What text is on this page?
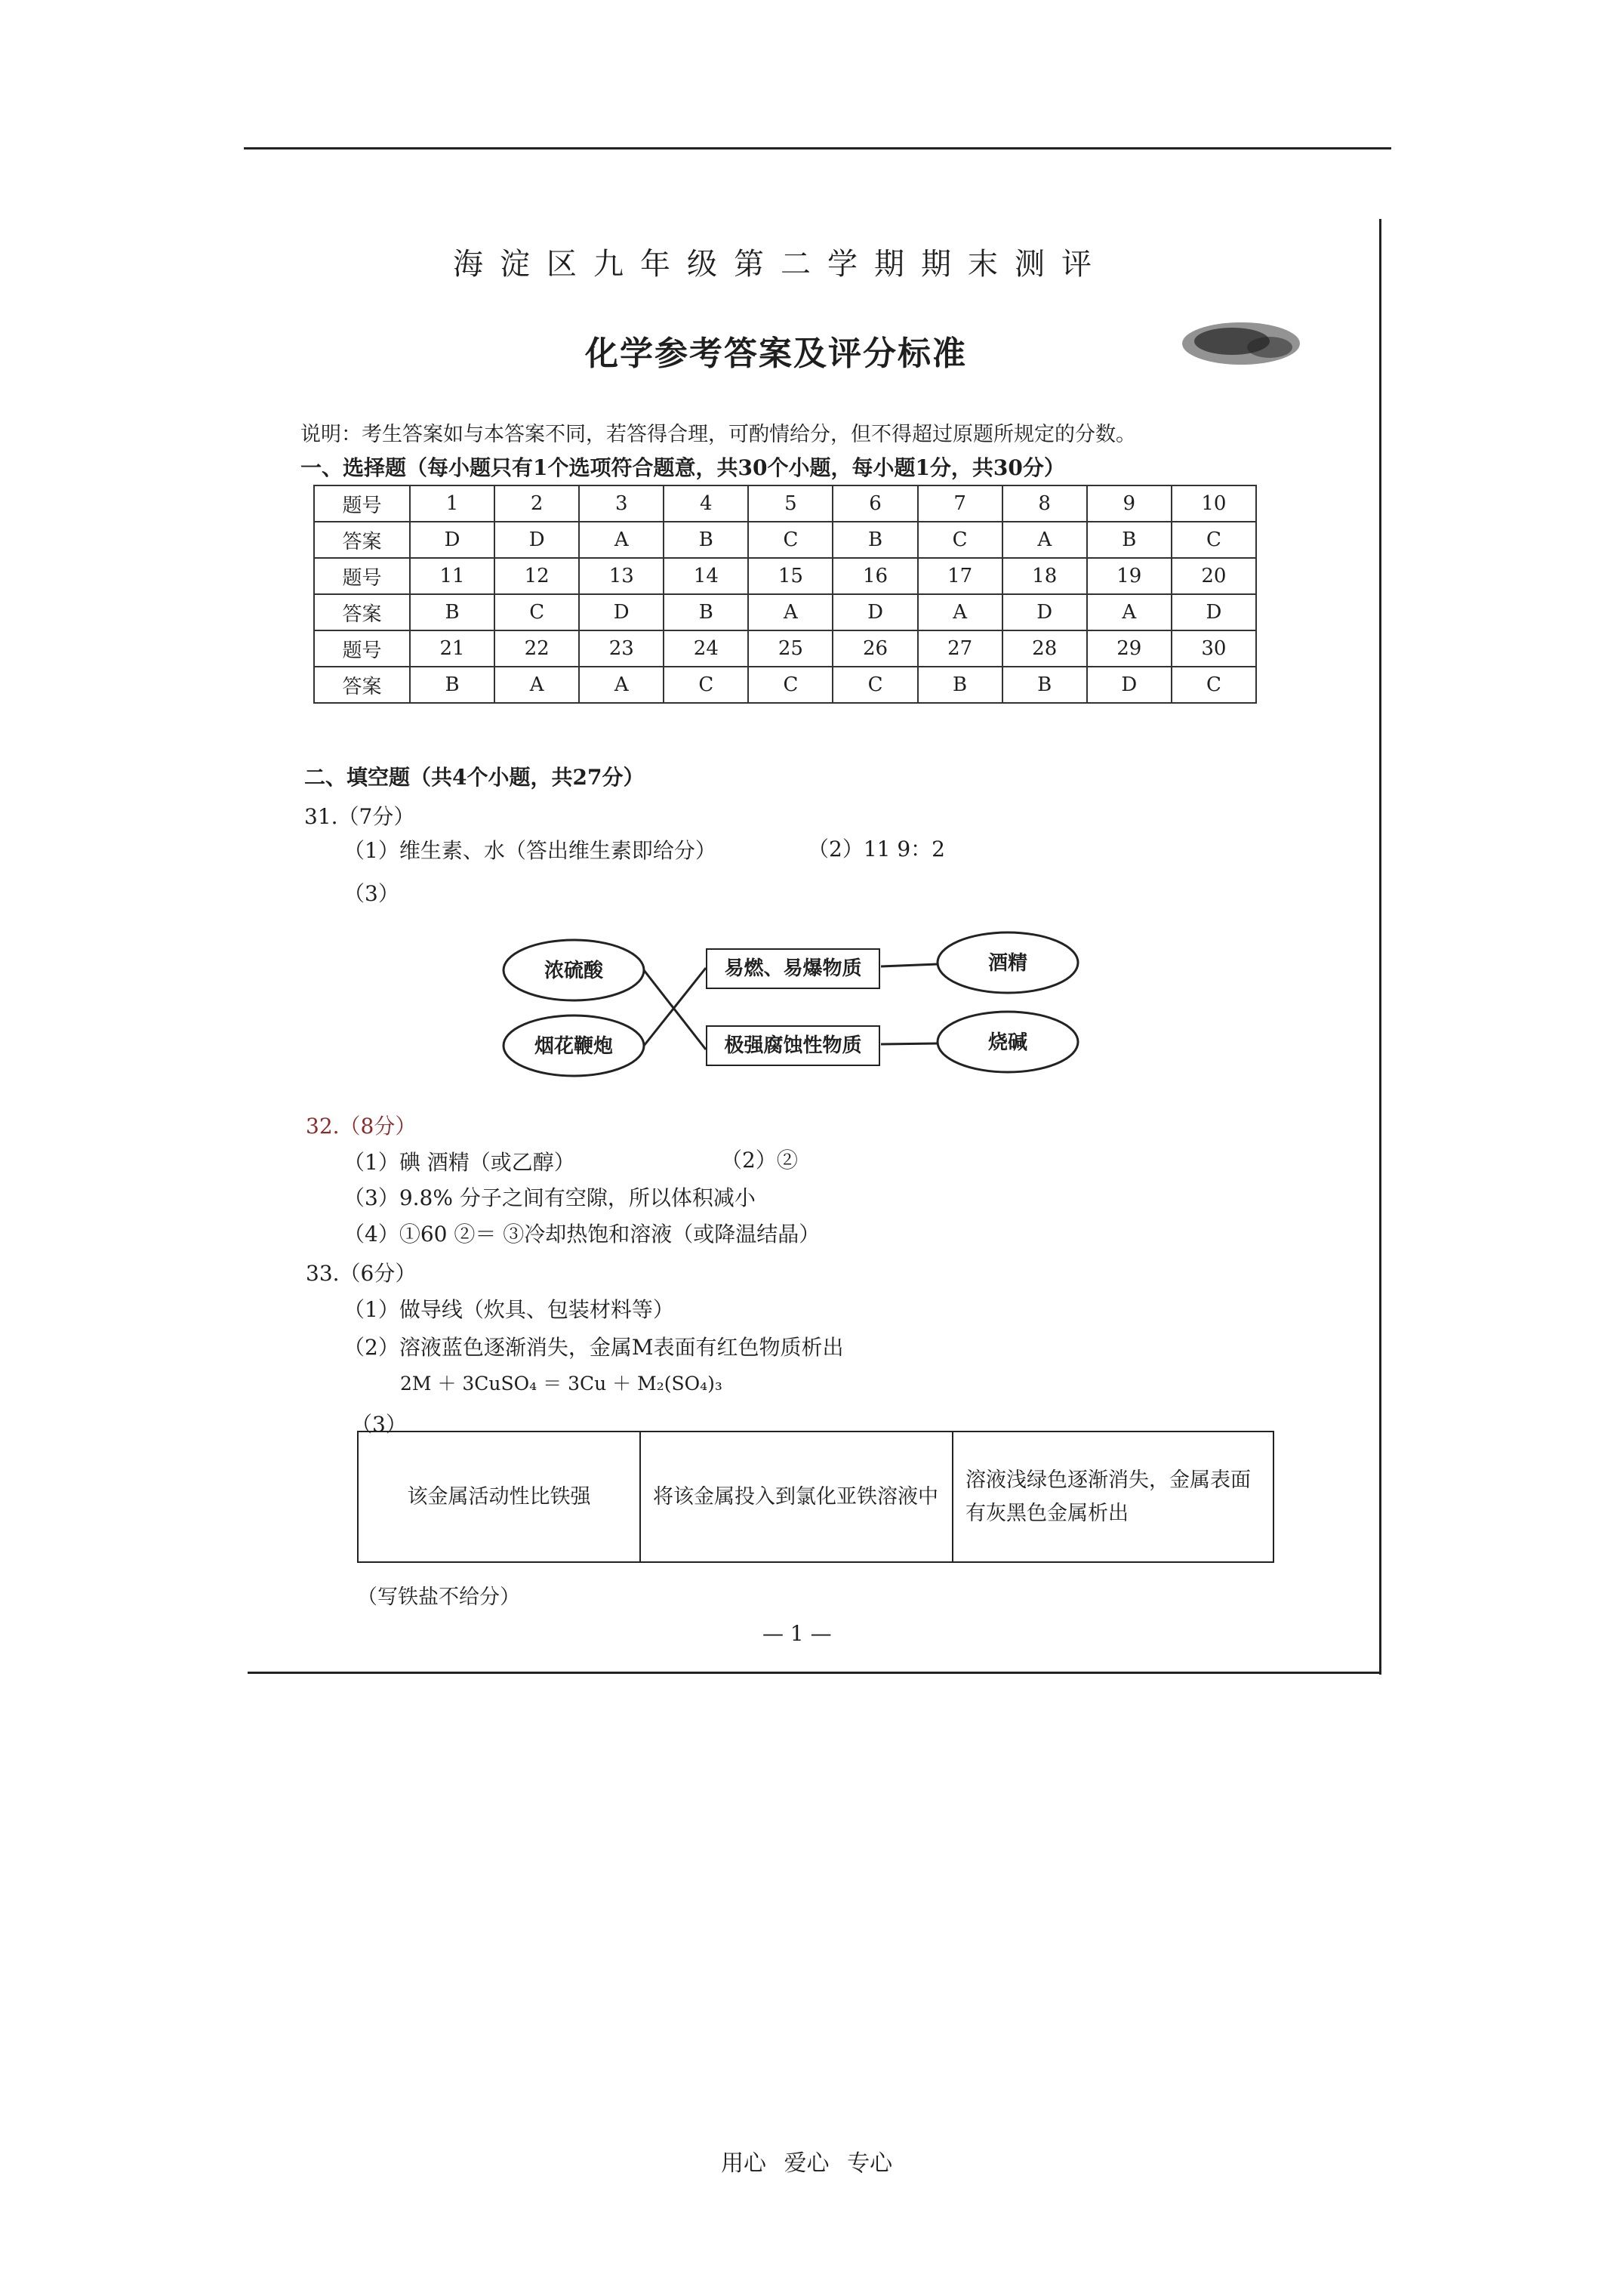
海淀区九年级第二学期期末测评
化学参考答案及评分标准
说明：考生答案如与本答案不同，若答得合理，可酌情给分，但不得超过原题所规定的分数。
一、选择题（每小题只有1个选项符合题意，共30个小题，每小题1分，共30分）
题号	1	2	3	4	5	6	7	8	9	10
答案	D	D	A	B	C	B	C	A	B	C
题号	11	12	13	14	15	16	17	18	19	20
答案	B	C	D	B	A	D	A	D	A	D
题号	21	22	23	24	25	26	27	28	29	30
答案	B	A	A	C	C	C	B	B	D	C
二、填空题（共4个小题，共27分）
31.（7分）
（1）维生素、水（答出维生素即给分）	（2）11 9：2
（3）
浓硫酸
烟花鞭炮
易燃、易爆物质
极强腐蚀性物质
酒精
烧碱
32.（8分）
（1）碘 酒精（或乙醇）	（2）②
（3）9.8% 分子之间有空隙，所以体积减小
（4）①60 ②＝ ③冷却热饱和溶液（或降温结晶）
33.（6分）
（1）做导线（炊具、包装材料等）
（2）溶液蓝色逐渐消失，金属M表面有红色物质析出
2M ＋ 3CuSO₄ ＝ 3Cu ＋ M₂(SO₄)₃
（3）
该金属活动性比铁强	将该金属投入到氯化亚铁溶液中	溶液浅绿色逐渐消失，金属表面有灰黑色金属析出
（写铁盐不给分）
— 1 —
用心 爱心 专心
